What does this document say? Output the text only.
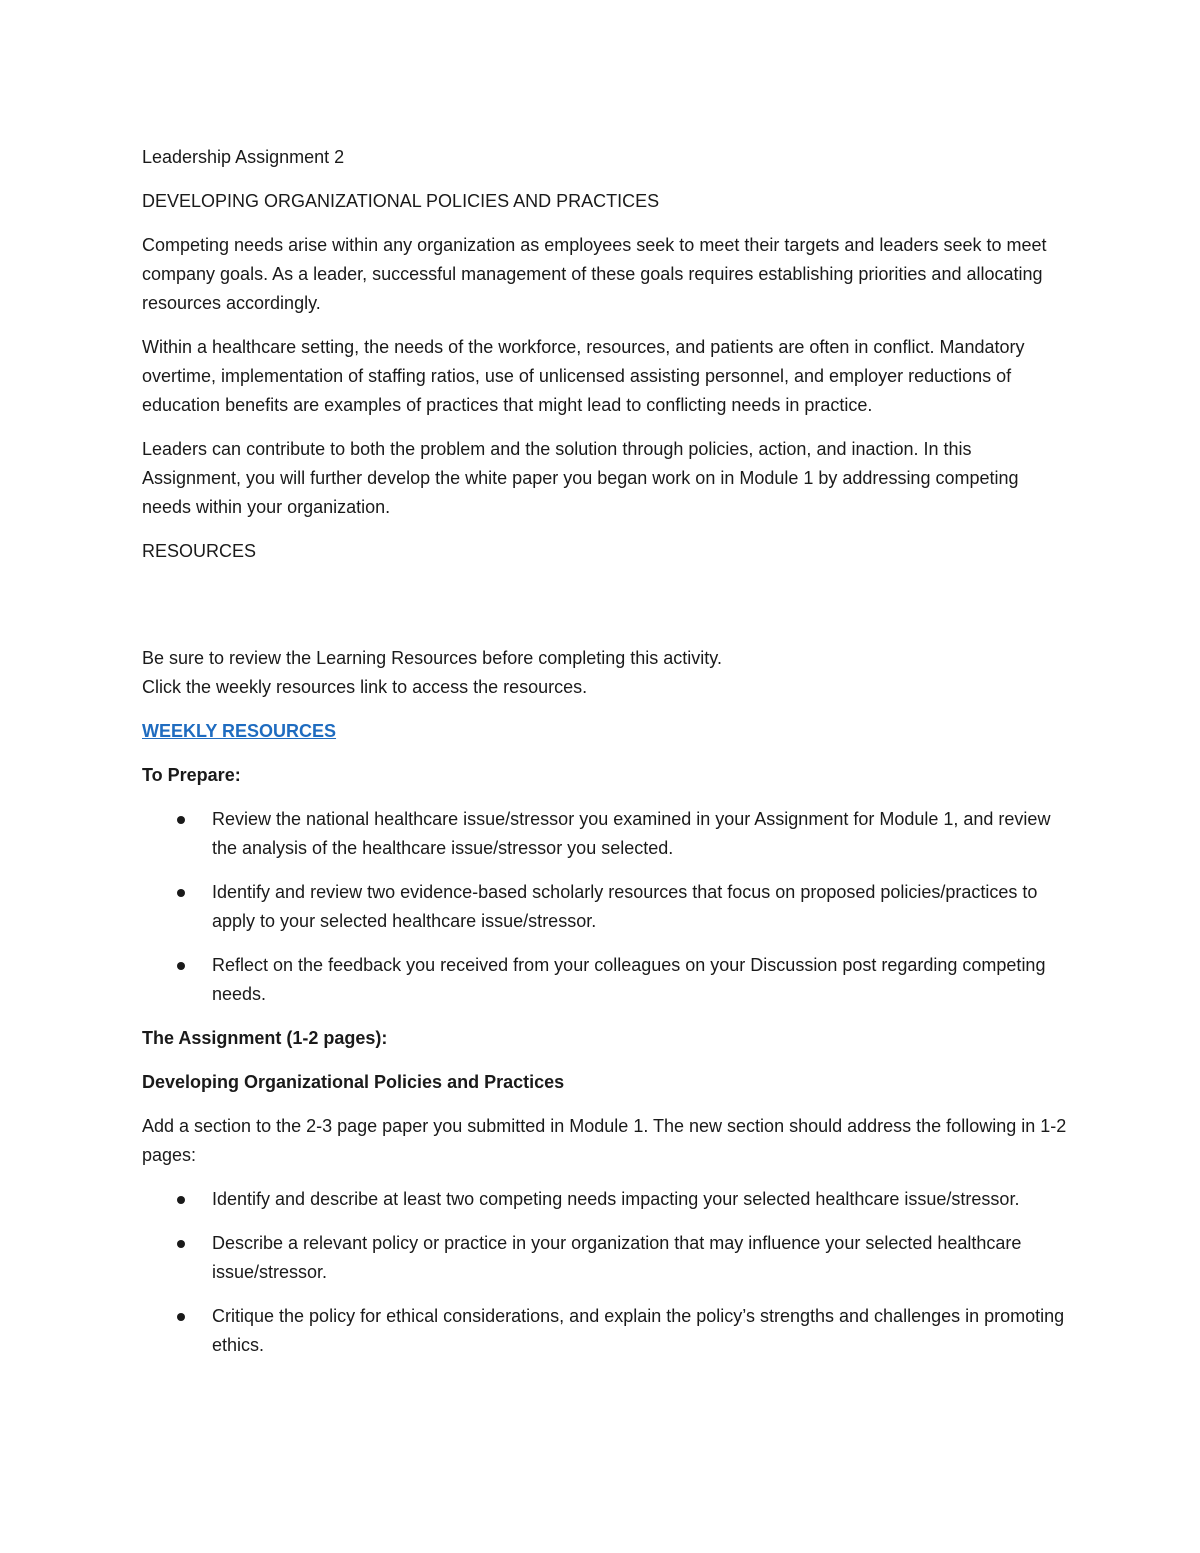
Leadership Assignment 2

DEVELOPING ORGANIZATIONAL POLICIES AND PRACTICES

Competing needs arise within any organization as employees seek to meet their targets and leaders seek to meet company goals. As a leader, successful management of these goals requires establishing priorities and allocating resources accordingly.

Within a healthcare setting, the needs of the workforce, resources, and patients are often in conflict. Mandatory overtime, implementation of staffing ratios, use of unlicensed assisting personnel, and employer reductions of education benefits are examples of practices that might lead to conflicting needs in practice.

Leaders can contribute to both the problem and the solution through policies, action, and inaction. In this Assignment, you will further develop the white paper you began work on in Module 1 by addressing competing needs within your organization.

RESOURCES

Be sure to review the Learning Resources before completing this activity.

Click the weekly resources link to access the resources.

WEEKLY RESOURCES

To Prepare:

Review the national healthcare issue/stressor you examined in your Assignment for Module 1, and review the analysis of the healthcare issue/stressor you selected.
Identify and review two evidence-based scholarly resources that focus on proposed policies/practices to apply to your selected healthcare issue/stressor.
Reflect on the feedback you received from your colleagues on your Discussion post regarding competing needs.

The Assignment (1-2 pages):

Developing Organizational Policies and Practices

Add a section to the 2-3 page paper you submitted in Module 1. The new section should address the following in 1-2 pages:

Identify and describe at least two competing needs impacting your selected healthcare issue/stressor.
Describe a relevant policy or practice in your organization that may influence your selected healthcare issue/stressor.
Critique the policy for ethical considerations, and explain the policy’s strengths and challenges in promoting ethics.
